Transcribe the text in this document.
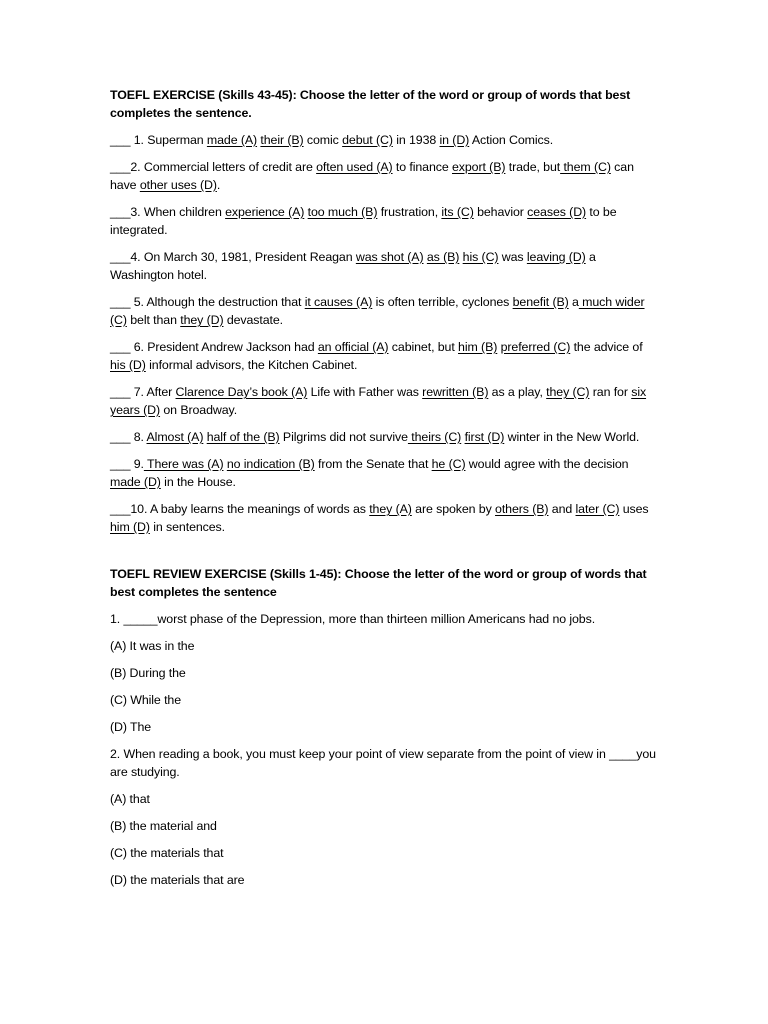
TOEFL EXERCISE (Skills 43-45): Choose the letter of the word or group of words that best completes the sentence.

___ 1. Superman made (A) their (B) comic debut (C) in 1938 in (D) Action Comics.

___2. Commercial letters of credit are often used (A) to finance export (B) trade, but them (C) can have other uses (D).

___3. When children experience (A) too much (B) frustration, its (C) behavior ceases (D) to be integrated.

___4. On March 30, 1981, President Reagan was shot (A) as (B) his (C) was leaving (D) a Washington hotel.

___ 5. Although the destruction that it causes (A) is often terrible, cyclones benefit (B) a much wider (C) belt than they (D) devastate.

___ 6. President Andrew Jackson had an official (A) cabinet, but him (B) preferred (C) the advice of his (D) informal advisors, the Kitchen Cabinet.

___ 7. After Clarence Day’s book (A) Life with Father was rewritten (B) as a play, they (C) ran for six years (D) on Broadway.

___ 8. Almost (A) half of the (B) Pilgrims did not survive theirs (C) first (D) winter in the New World.

___ 9. There was (A) no indication (B) from the Senate that he (C) would agree with the decision made (D) in the House.

___10. A baby learns the meanings of words as they (A) are spoken by others (B) and later (C) uses him (D) in sentences.

TOEFL REVIEW EXERCISE (Skills 1-45): Choose the letter of the word or group of words that best completes the sentence

1. _____worst phase of the Depression, more than thirteen million Americans had no jobs.

(A) It was in the

(B) During the

(C) While the

(D) The

2. When reading a book, you must keep your point of view separate from the point of view in ____you are studying.

(A) that

(B) the material and

(C) the materials that

(D) the materials that are
